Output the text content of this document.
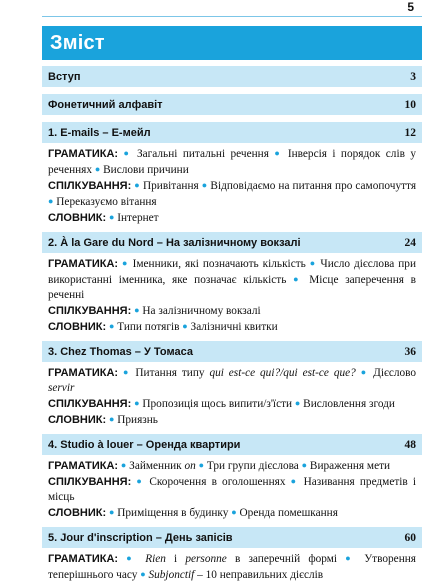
5
Зміст
Вступ	3
Фонетичний алфавіт	10
1. E-mails – Е-мейл	12
ГРАМАТИКА: ● Загальні питальні речення ● Інверсія і порядок слів у реченнях ● Вислови причини
СПІЛКУВАННЯ: ● Привітання ● Відповідаємо на питання про самопочуття ● Переказуємо вітання
СЛОВНИК: ● Інтернет
2. À la Gare du Nord – На залізничному вокзалі	24
ГРАМАТИКА: ● Іменники, які позначають кількість ● Число дієслова при використанні іменника, яке позначає кількість ● Місце заперечення в реченні
СПІЛКУВАННЯ: ● На залізничному вокзалі
СЛОВНИК: ● Типи потягів ● Залізничні квитки
3. Chez Thomas – У Томаса	36
ГРАМАТИКА: ● Питання типу qui est-ce qui?/qui est-ce que? ● Дієслово servir
СПІЛКУВАННЯ: ● Пропозиція щось випити/з'їсти ● Висловлення згоди
СЛОВНИК: ● Приязнь
4. Studio à louer – Оренда квартири	48
ГРАМАТИКА: ● Займенник on ● Три групи дієслова ● Вираження мети
СПІЛКУВАННЯ: ● Скорочення в оголошеннях ● Називання предметів і місць
СЛОВНИК: ● Приміщення в будинку ● Оренда помешкання
5. Jour d'inscription – День запісів	60
ГРАМАТИКА: ● Rien і personne в заперечній формі ● Утворення теперішнього часу ● Subjonctif – 10 неправильних дієслів
